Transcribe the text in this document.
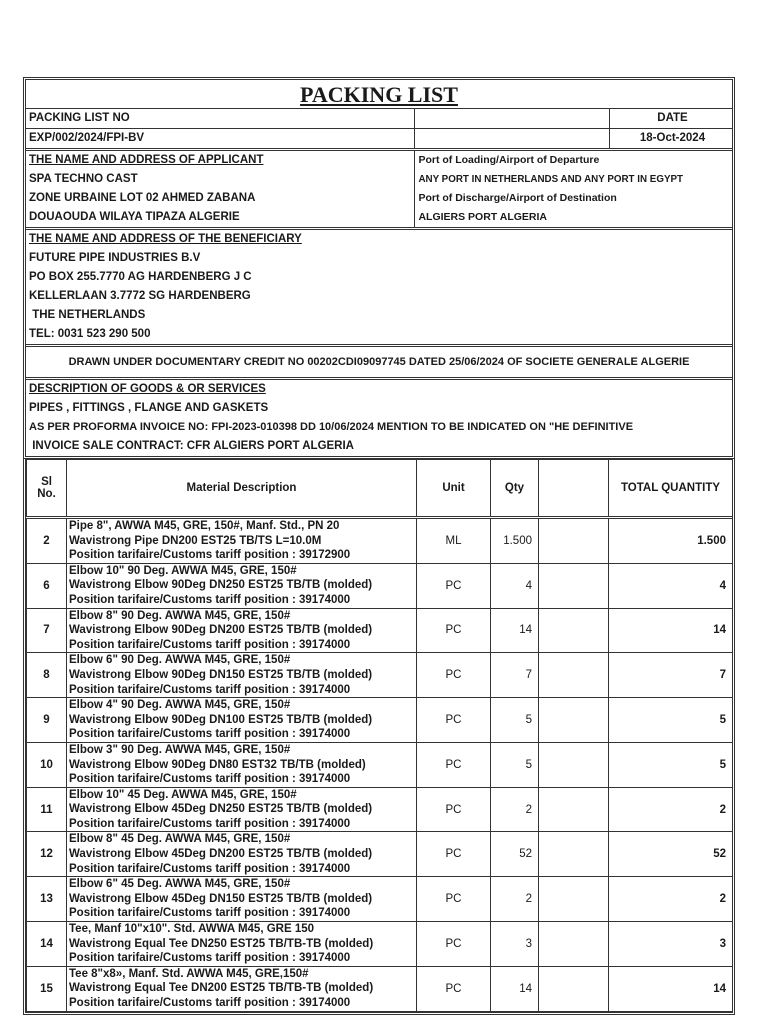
PACKING LIST
PACKING LIST NO	DATE
EXP/002/2024/FPI-BV	18-Oct-2024
THE NAME AND ADDRESS OF APPLICANT
SPA TECHNO CAST
ZONE URBAINE LOT 02 AHMED ZABANA
DOUAOUDA WILAYA TIPAZA ALGERIE
Port of Loading/Airport of Departure
ANY PORT IN NETHERLANDS AND ANY PORT IN EGYPT
Port of Discharge/Airport of Destination
ALGIERS PORT ALGERIA
THE NAME AND ADDRESS OF THE BENEFICIARY
FUTURE PIPE INDUSTRIES B.V
PO BOX 255.7770 AG HARDENBERG J C
KELLERLAAN 3.7772 SG HARDENBERG
THE NETHERLANDS
TEL: 0031 523 290 500
DRAWN UNDER DOCUMENTARY CREDIT NO 00202CDI09097745 DATED 25/06/2024 OF SOCIETE GENERALE ALGERIE
DESCRIPTION OF GOODS & OR SERVICES
PIPES , FITTINGS , FLANGE AND GASKETS
AS PER PROFORMA INVOICE NO: FPI-2023-010398 DD 10/06/2024 MENTION TO BE INDICATED ON "HE DEFINITIVE
INVOICE SALE CONTRACT: CFR ALGIERS PORT ALGERIA
Sl
No.	Material Description	Unit	Qty		TOTAL QUANTITY
2	Pipe 8", AWWA M45, GRE, 150#, Manf. Std., PN 20
Wavistrong Pipe DN200 EST25 TB/TS L=10.0M
Position tarifaire/Customs tariff position : 39172900	ML	1.500		1.500
6	Elbow 10" 90 Deg. AWWA M45, GRE, 150#
Wavistrong Elbow 90Deg DN250 EST25 TB/TB (molded)
Position tarifaire/Customs tariff position : 39174000	PC	4		4
7	Elbow 8" 90 Deg. AWWA M45, GRE, 150#
Wavistrong Elbow 90Deg DN200 EST25 TB/TB (molded)
Position tarifaire/Customs tariff position : 39174000	PC	14		14
8	Elbow 6" 90 Deg. AWWA M45, GRE, 150#
Wavistrong Elbow 90Deg DN150 EST25 TB/TB (molded)
Position tarifaire/Customs tariff position : 39174000	PC	7		7
9	Elbow 4" 90 Deg. AWWA M45, GRE, 150#
Wavistrong Elbow 90Deg DN100 EST25 TB/TB (molded)
Position tarifaire/Customs tariff position : 39174000	PC	5		5
10	Elbow 3" 90 Deg. AWWA M45, GRE, 150#
Wavistrong Elbow 90Deg DN80 EST32 TB/TB (molded)
Position tarifaire/Customs tariff position : 39174000	PC	5		5
11	Elbow 10" 45 Deg. AWWA M45, GRE, 150#
Wavistrong Elbow 45Deg DN250 EST25 TB/TB (molded)
Position tarifaire/Customs tariff position : 39174000	PC	2		2
12	Elbow 8" 45 Deg. AWWA M45, GRE, 150#
Wavistrong Elbow 45Deg DN200 EST25 TB/TB (molded)
Position tarifaire/Customs tariff position : 39174000	PC	52		52
13	Elbow 6" 45 Deg. AWWA M45, GRE, 150#
Wavistrong Elbow 45Deg DN150 EST25 TB/TB (molded)
Position tarifaire/Customs tariff position : 39174000	PC	2		2
14	Tee, Manf 10"x10". Std. AWWA M45, GRE 150
Wavistrong Equal Tee DN250 EST25 TB/TB-TB (molded)
Position tarifaire/Customs tariff position : 39174000	PC	3		3
15	Tee 8"x8», Manf. Std. AWWA M45, GRE,150#
Wavistrong Equal Tee DN200 EST25 TB/TB-TB (molded)
Position tarifaire/Customs tariff position : 39174000	PC	14		14
